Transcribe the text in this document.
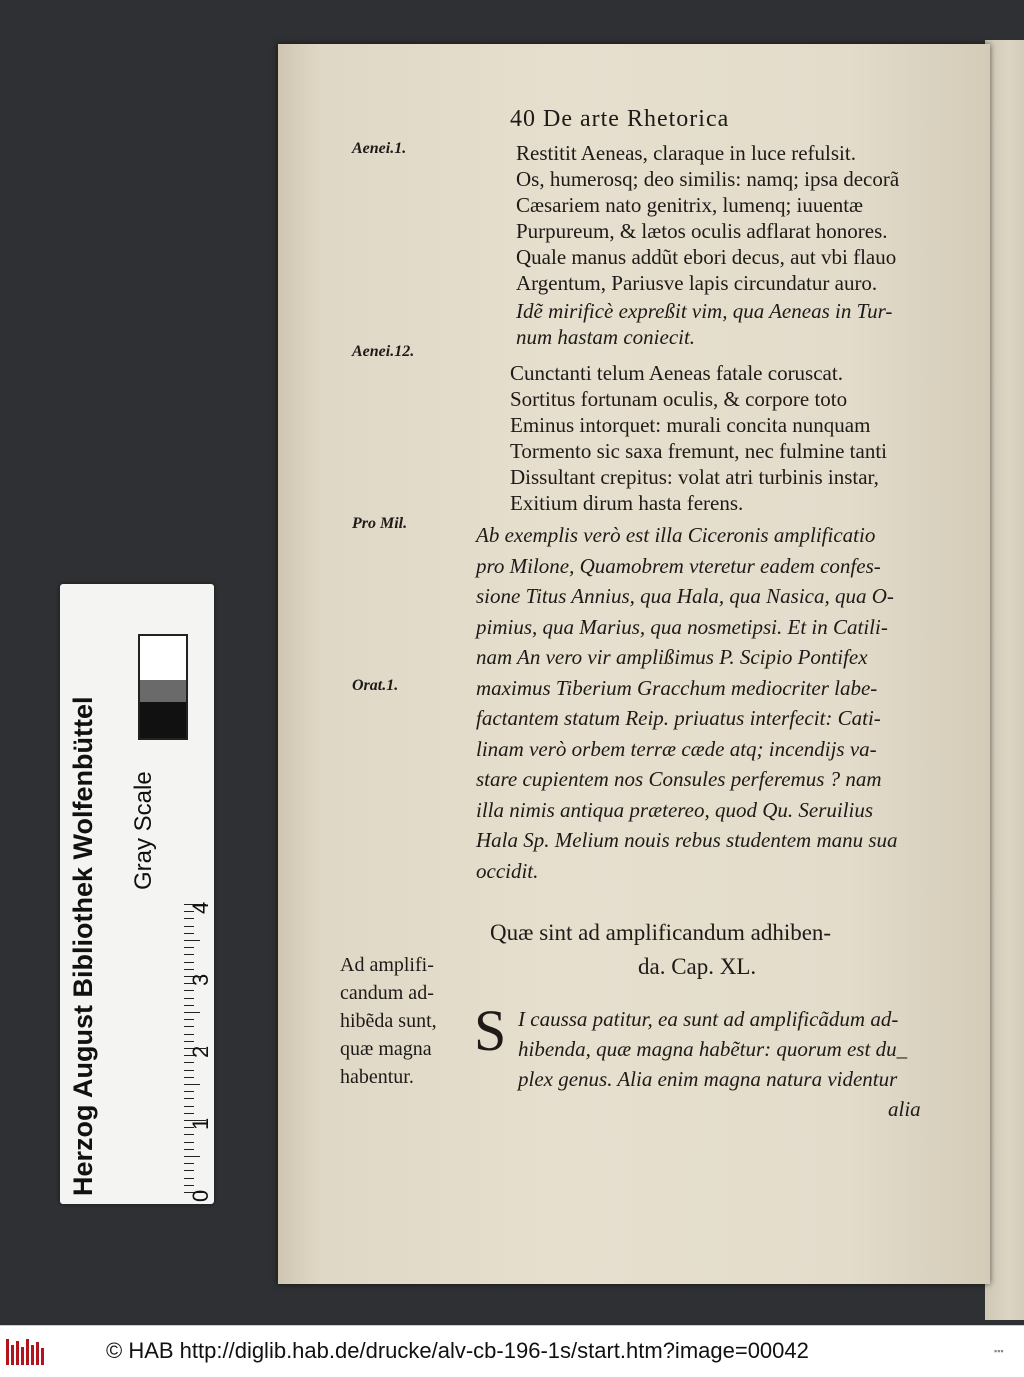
40 De arte Rhetorica
Aenei.1.
Aenei.12.
Pro Mil.
Orat.1.
Restitit Aeneas, claraque in luce refulsit.
Os, humerosq; deo similis: namq; ipsa decorã
Cæsariem nato genitrix, lumenq; iuuentæ
Purpureum, & lætos oculis adflarat honores.
Quale manus addũt ebori decus, aut vbi flauo
Argentum, Pariusve lapis circundatur auro.
Idẽ mirificè expreßit vim, qua Aeneas in Tur-
num hastam coniecit.
Cunctanti telum Aeneas fatale coruscat.
Sortitus fortunam oculis, & corpore toto
Eminus intorquet: murali concita nunquam
Tormento sic saxa fremunt, nec fulmine tanti
Dissultant crepitus: volat atri turbinis instar,
Exitium dirum hasta ferens.
Ab exemplis verò est illa Ciceronis amplificatio
pro Milone, Quamobrem vteretur eadem confes-
sione Titus Annius, qua Hala, qua Nasica, qua O-
pimius, qua Marius, qua nosmetipsi. Et in Catili-
nam An vero vir amplißimus P. Scipio Pontifex
maximus Tiberium Gracchum mediocriter labe-
factantem statum Reip. priuatus interfecit: Cati-
linam verò orbem terræ cæde atq; incendijs va-
stare cupientem nos Consules perferemus ? nam
illa nimis antiqua prætereo, quod Qu. Seruilius
Hala Sp. Melium nouis rebus studentem manu sua
occidit.
Quæ sint ad amplificandum adhiben-
da. Cap. XL.
Ad amplifi-
candum ad-
hibẽda sunt,
quæ magna
habentur.
S I caussa patitur, ea sunt ad amplificãdum ad-
hibenda, quæ magna habẽtur: quorum est du_
plex genus. Alia enim magna natura videntur
alia
Herzog August Bibliothek Wolfenbüttel Gray Scale
0
1
2
3
4
© HAB http://diglib.hab.de/drucke/alv-cb-196-1s/start.htm?image=00042	▪▪▪
